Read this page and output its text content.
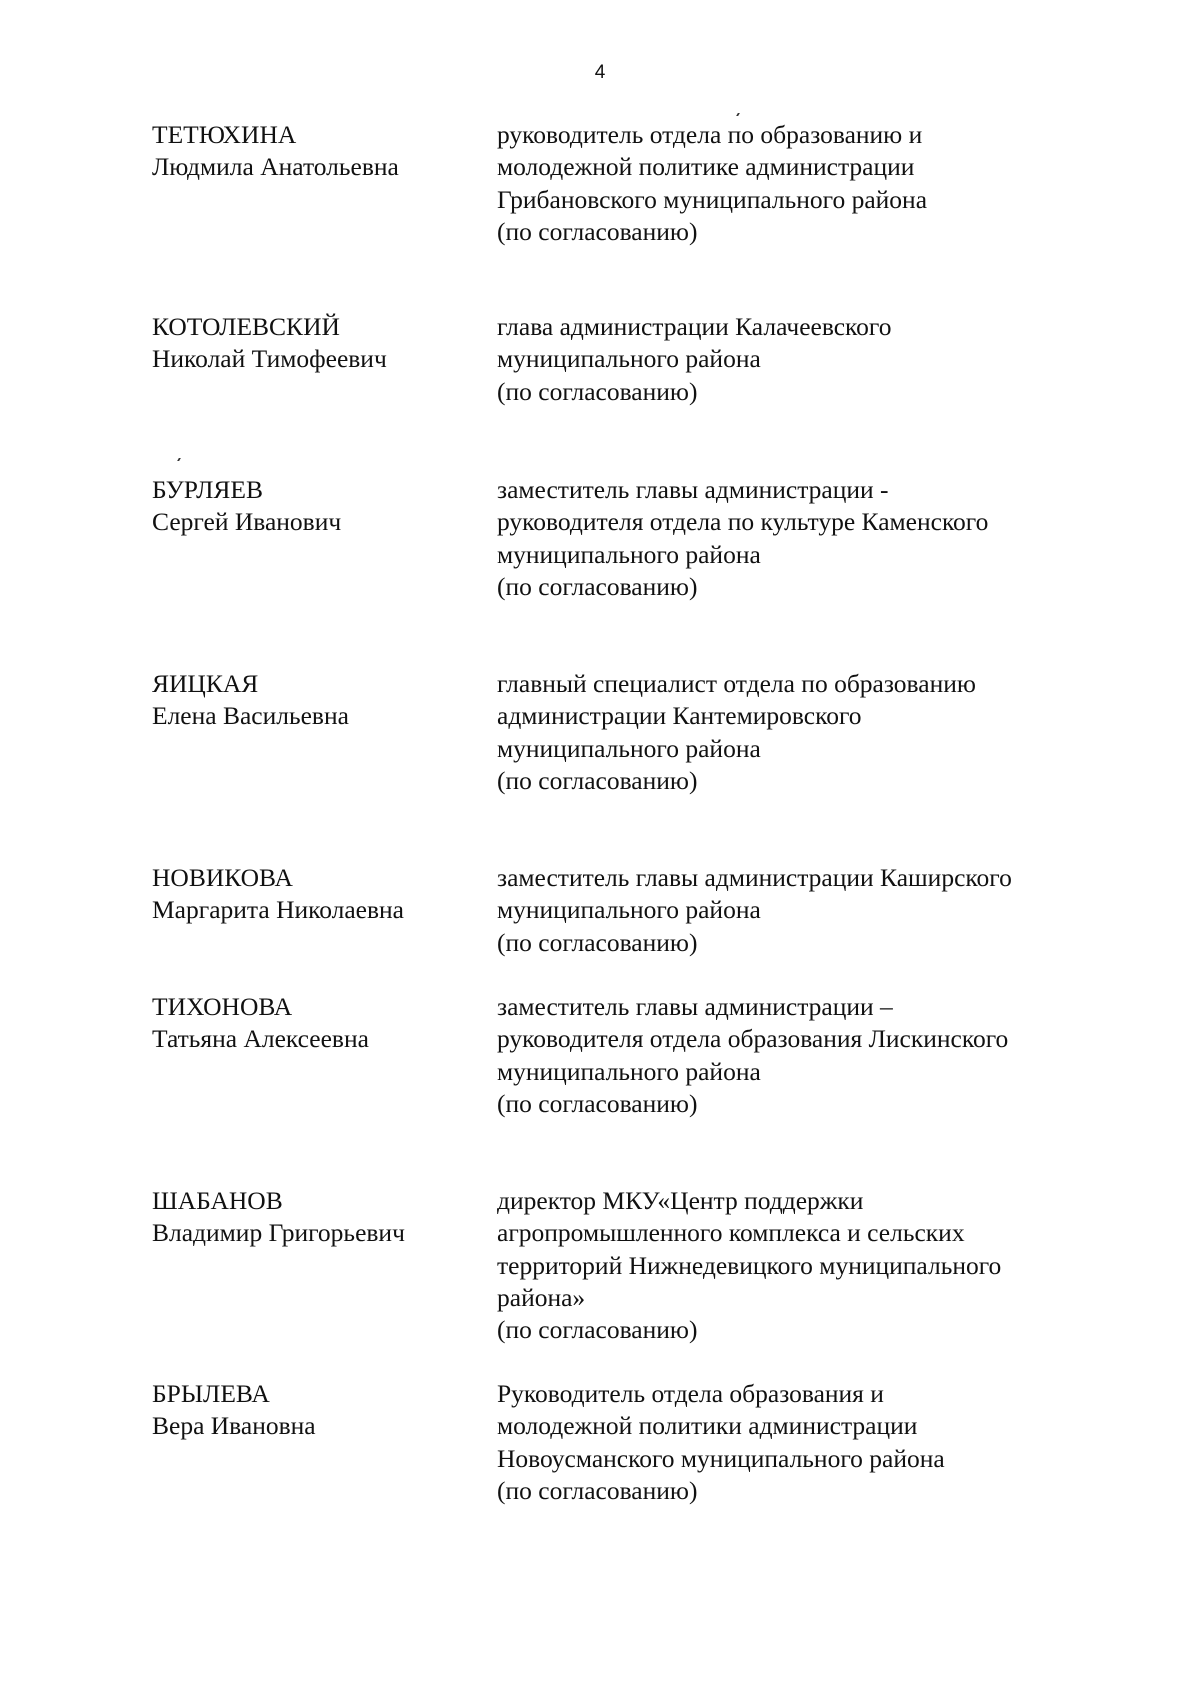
4
ТЕТЮХИНА
Людмила Анатольевна
руководитель отдела по образованию и
молодежной политике администрации
Грибановского муниципального района
(по согласованию)
КОТОЛЕВСКИЙ
Николай Тимофеевич
глава администрации Калачеевского
муниципального района
(по согласованию)
БУРЛЯЕВ
Сергей Иванович
заместитель главы администрации -
руководителя отдела по культуре Каменского
муниципального района
(по согласованию)
ЯИЦКАЯ
Елена Васильевна
главный специалист отдела по образованию
администрации Кантемировского
муниципального района
(по согласованию)
НОВИКОВА
Маргарита Николаевна
заместитель главы администрации Каширского
муниципального района
(по согласованию)
ТИХОНОВА
Татьяна Алексеевна
заместитель главы администрации –
руководителя отдела образования Лискинского
муниципального района
(по согласованию)
ШАБАНОВ
Владимир Григорьевич
директор МКУ«Центр поддержки
агропромышленного комплекса и сельских
территорий Нижнедевицкого муниципального
района»
(по согласованию)
БРЫЛЕВА
Вера Ивановна
Руководитель отдела образования и
молодежной политики администрации
Новоусманского муниципального района
(по согласованию)
